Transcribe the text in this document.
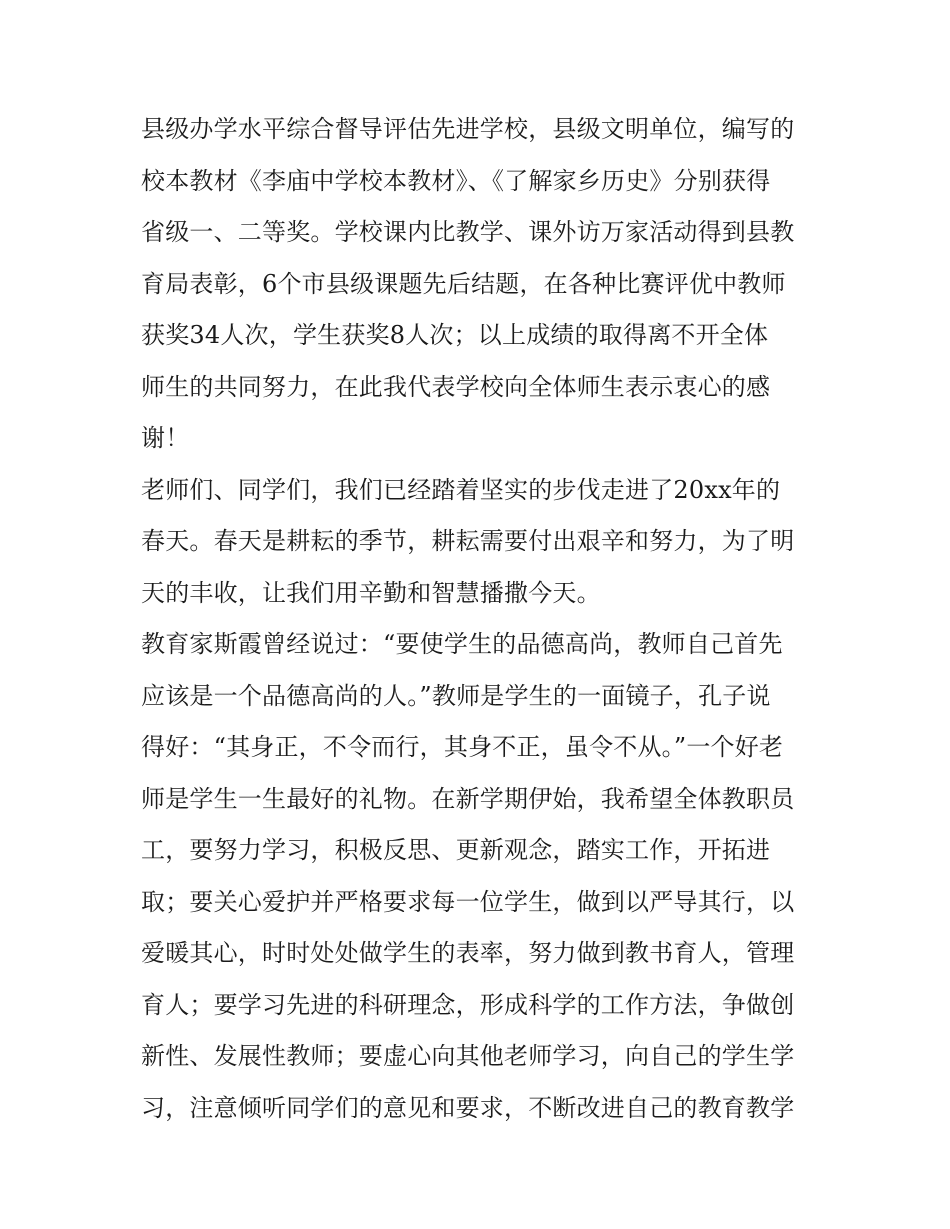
县级办学水平综合督导评估先进学校，县级文明单位，编写的
校本教材《李庙中学校本教材》、《了解家乡历史》分别获得
省级一、二等奖。学校课内比教学、课外访万家活动得到县教
育局表彰，6个市县级课题先后结题，在各种比赛评优中教师
获奖34人次，学生获奖8人次；以上成绩的取得离不开全体
师生的共同努力，在此我代表学校向全体师生表示衷心的感
谢！
老师们、同学们，我们已经踏着坚实的步伐走进了20xx年的
春天。春天是耕耘的季节，耕耘需要付出艰辛和努力，为了明
天的丰收，让我们用辛勤和智慧播撒今天。
教育家斯霞曾经说过：“要使学生的品德高尚，教师自己首先
应该是一个品德高尚的人。”教师是学生的一面镜子，孔子说
得好：“其身正，不令而行，其身不正，虽令不从。”一个好老
师是学生一生最好的礼物。在新学期伊始，我希望全体教职员
工，要努力学习，积极反思、更新观念，踏实工作，开拓进
取；要关心爱护并严格要求每一位学生，做到以严导其行，以
爱暖其心，时时处处做学生的表率，努力做到教书育人，管理
育人；要学习先进的科研理念，形成科学的工作方法，争做创
新性、发展性教师；要虚心向其他老师学习，向自己的学生学
习，注意倾听同学们的意见和要求，不断改进自己的教育教学
